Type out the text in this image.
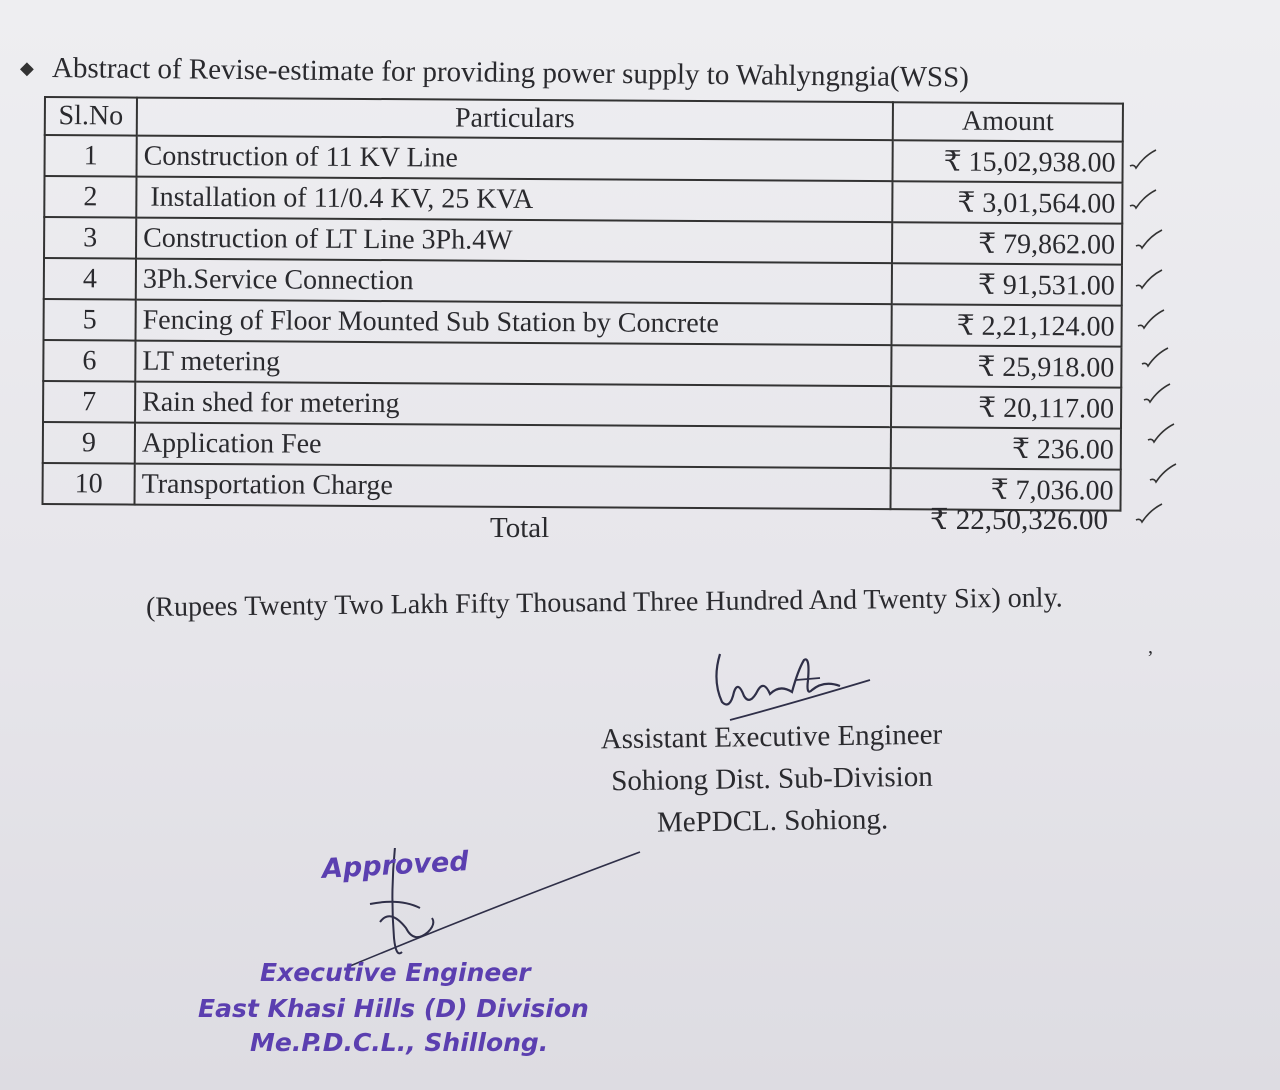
◆ Abstract of Revise-estimate for providing power supply to Wahlyngngia(WSS)
Sl.No	Particulars	Amount
1	Construction of 11 KV Line	₹ 15,02,938.00
2	Installation of 11/0.4 KV, 25 KVA	₹ 3,01,564.00
3	Construction of LT Line 3Ph.4W	₹ 79,862.00
4	3Ph.Service Connection	₹ 91,531.00
5	Fencing of Floor Mounted Sub Station by Concrete	₹ 2,21,124.00
6	LT metering	₹ 25,918.00
7	Rain shed for metering	₹ 20,117.00
9	Application Fee	₹ 236.00
10	Transportation Charge	₹ 7,036.00
Total	₹ 22,50,326.00
(Rupees Twenty Two Lakh Fifty Thousand Three Hundred And Twenty Six) only.
,
Assistant Executive Engineer
Sohiong Dist. Sub-Division
MePDCL. Sohiong.
Approved
Executive Engineer
East Khasi Hills (D) Division
Me.P.D.C.L., Shillong.
